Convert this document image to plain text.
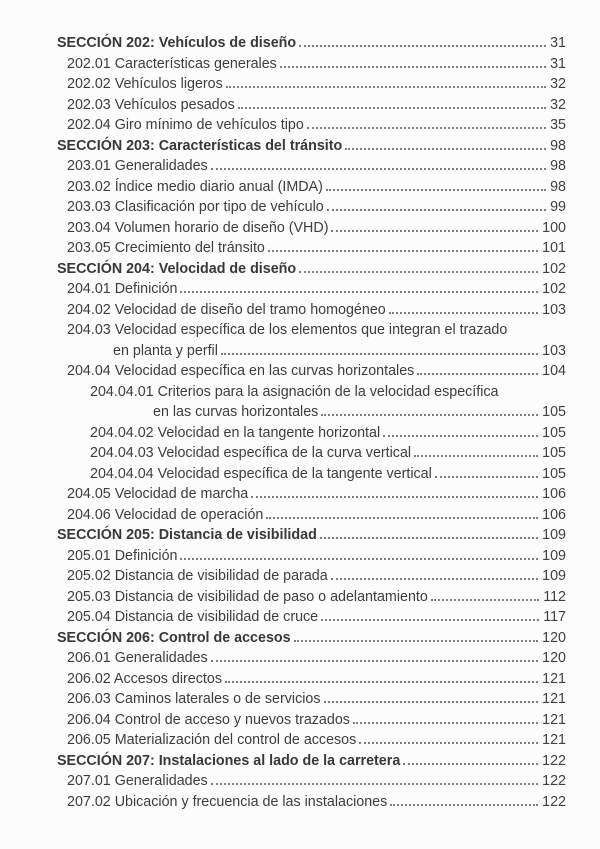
SECCIÓN 202: Vehículos de diseño	31
202.01 Características generales	31
202.02 Vehículos ligeros	32
202.03 Vehículos pesados	32
202.04 Giro mínimo de vehículos tipo	35
SECCIÓN 203: Características del tránsito	98
203.01 Generalidades	98
203.02 Índice medio diario anual (IMDA)	98
203.03 Clasificación por tipo de vehículo	99
203.04 Volumen horario de diseño (VHD)	100
203.05 Crecimiento del tránsito	101
SECCIÓN 204: Velocidad de diseño	102
204.01 Definición	102
204.02 Velocidad de diseño del tramo homogéneo	103
204.03 Velocidad específica de los elementos que integran el trazado
en planta y perfil	103
204.04 Velocidad específica en las curvas horizontales	104
204.04.01 Criterios para la asignación de la velocidad específica
en las curvas horizontales	105
204.04.02 Velocidad en la tangente horizontal	105
204.04.03 Velocidad específica de la curva vertical	105
204.04.04 Velocidad específica de la tangente vertical	105
204.05 Velocidad de marcha	106
204.06 Velocidad de operación	106
SECCIÓN 205: Distancia de visibilidad	109
205.01 Definición	109
205.02 Distancia de visibilidad de parada	109
205.03 Distancia de visibilidad de paso o adelantamiento	112
205.04 Distancia de visibilidad de cruce	117
SECCIÓN 206: Control de accesos	120
206.01 Generalidades	120
206.02 Accesos directos	121
206.03 Caminos laterales o de servicios	121
206.04 Control de acceso y nuevos trazados	121
206.05 Materialización del control de accesos	121
SECCIÓN 207: Instalaciones al lado de la carretera	122
207.01 Generalidades	122
207.02 Ubicación y frecuencia de las instalaciones	122
